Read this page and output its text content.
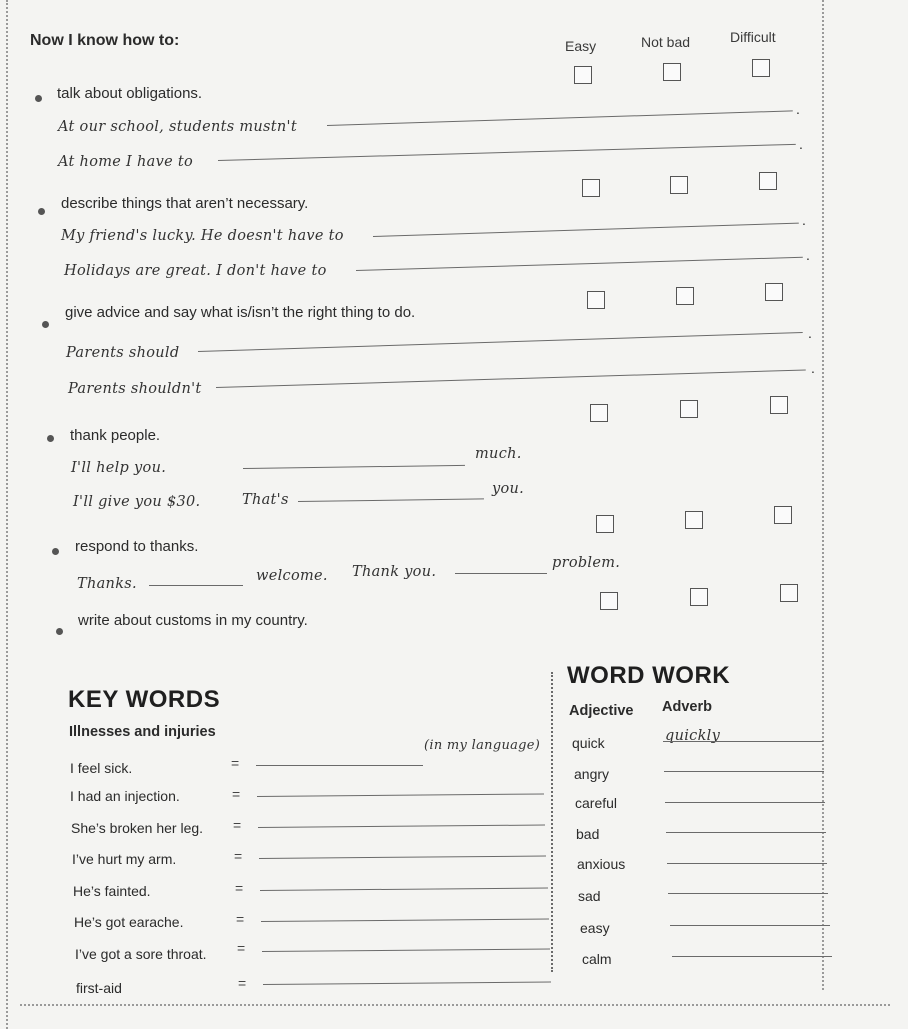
Now I know how to:	Easy	Not bad	Difficult
talk about obligations.
At our school, students mustn't
.
At home I have to
.
describe things that aren’t necessary.
My friend's lucky. He doesn't have to
.
Holidays are great. I don't have to
.
give advice and say what is/isn’t the right thing to do.
Parents should
.
Parents shouldn't
.
thank people.
I'll help you.
much.
I'll give you $30.	That's
you.
respond to thanks.
Thanks.	welcome. Thank you.
problem.
write about customs in my country.
KEY WORDS
Illnesses and injuries
I feel sick.	=
(in my language)
I had an injection.	=
She’s broken her leg. =
I’ve hurt my arm.	=
He’s fainted.	=
He’s got earache.	=
I’ve got a sore throat. =
first-aid	=
WORD WORK
Adjective Adverb
quick	quickly
angry
careful
bad
anxious
sad
easy
calm
